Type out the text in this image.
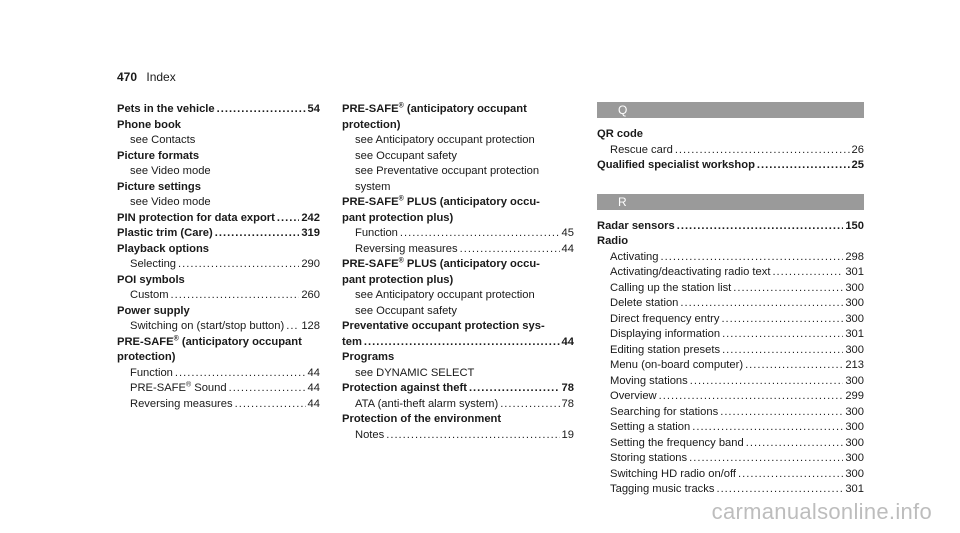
470 Index
Pets in the vehicle .....	54
Phone book
see Contacts
Picture formats
see Video mode
Picture settings
see Video mode
PIN protection for data export ..... 242
Plastic trim (Care) .....	319
Playback options
Selecting .....	290
POI symbols
Custom .....	260
Power supply
Switching on (start/stop button) ..... 128
PRE-SAFE® (anticipatory occupant
protection)
Function .....	44
PRE-SAFE® Sound .....	44
Reversing measures .....	44
PRE-SAFE® (anticipatory occupant
protection)
see Anticipatory occupant protection
see Occupant safety
see Preventative occupant protection system
PRE-SAFE® PLUS (anticipatory occu-
pant protection plus)
Function .....	45
Reversing measures .....	44
PRE-SAFE® PLUS (anticipatory occu-
pant protection plus)
see Anticipatory occupant protection
see Occupant safety
Preventative occupant protection sys-
tem .....	44
Programs
see DYNAMIC SELECT
Protection against theft .....	78
ATA (anti-theft alarm system) .....	78
Protection of the environment
Notes .....	19
Q
QR code
Rescue card .....	26
Qualified specialist workshop .....	25
R
Radar sensors .....	150
Radio
Activating .....	298
Activating/deactivating radio text .....	301
Calling up the station list .....	300
Delete station .....	300
Direct frequency entry .....	300
Displaying information .....	301
Editing station presets .....	300
Menu (on-board computer) .....	213
Moving stations .....	300
Overview .....	299
Searching for stations .....	300
Setting a station .....	300
Setting the frequency band .....	300
Storing stations .....	300
Switching HD radio on/off .....	300
Tagging music tracks .....	301
carmanualsonline.info
